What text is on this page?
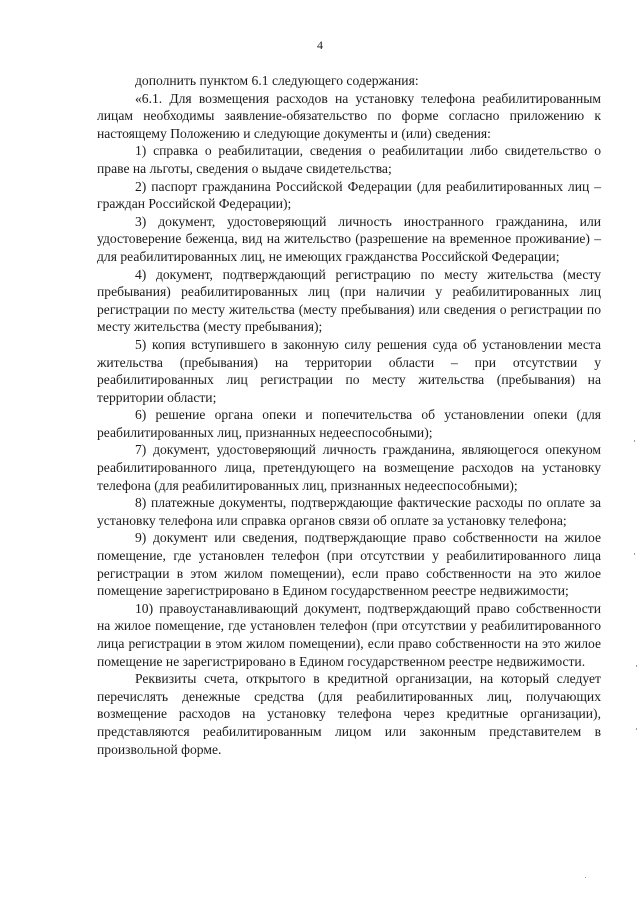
4

дополнить пунктом 6.1 следующего содержания:

«6.1. Для возмещения расходов на установку телефона реабилитированным лицам необходимы заявление-обязательство по форме согласно приложению к настоящему Положению и следующие документы и (или) сведения:

1) справка о реабилитации, сведения о реабилитации либо свидетельство о праве на льготы, сведения о выдаче свидетельства;

2) паспорт гражданина Российской Федерации (для реабилитированных лиц – граждан Российской Федерации);

3) документ, удостоверяющий личность иностранного гражданина, или удостоверение беженца, вид на жительство (разрешение на временное проживание) – для реабилитированных лиц, не имеющих гражданства Российской Федерации;

4) документ, подтверждающий регистрацию по месту жительства (месту пребывания) реабилитированных лиц (при наличии у реабилитированных лиц регистрации по месту жительства (месту пребывания) или сведения о регистрации по месту жительства (месту пребывания);

5) копия вступившего в законную силу решения суда об установлении места жительства (пребывания) на территории области – при отсутствии у реабилитированных лиц регистрации по месту жительства (пребывания) на территории области;

6) решение органа опеки и попечительства об установлении опеки (для реабилитированных лиц, признанных недееспособными);

7) документ, удостоверяющий личность гражданина, являющегося опекуном реабилитированного лица, претендующего на возмещение расходов на установку телефона (для реабилитированных лиц, признанных недееспособными);

8) платежные документы, подтверждающие фактические расходы по оплате за установку телефона или справка органов связи об оплате за установку телефона;

9) документ или сведения, подтверждающие право собственности на жилое помещение, где установлен телефон (при отсутствии у реабилитированного лица регистрации в этом жилом помещении), если право собственности на это жилое помещение зарегистрировано в Едином государственном реестре недвижимости;

10) правоустанавливающий документ, подтверждающий право собственности на жилое помещение, где установлен телефон (при отсутствии у реабилитированного лица регистрации в этом жилом помещении), если право собственности на это жилое помещение не зарегистрировано в Едином государственном реестре недвижимости.

Реквизиты счета, открытого в кредитной организации, на который следует перечислять денежные средства (для реабилитированных лиц, получающих возмещение расходов на установку телефона через кредитные организации), представляются реабилитированным лицом или законным представителем в произвольной форме.
